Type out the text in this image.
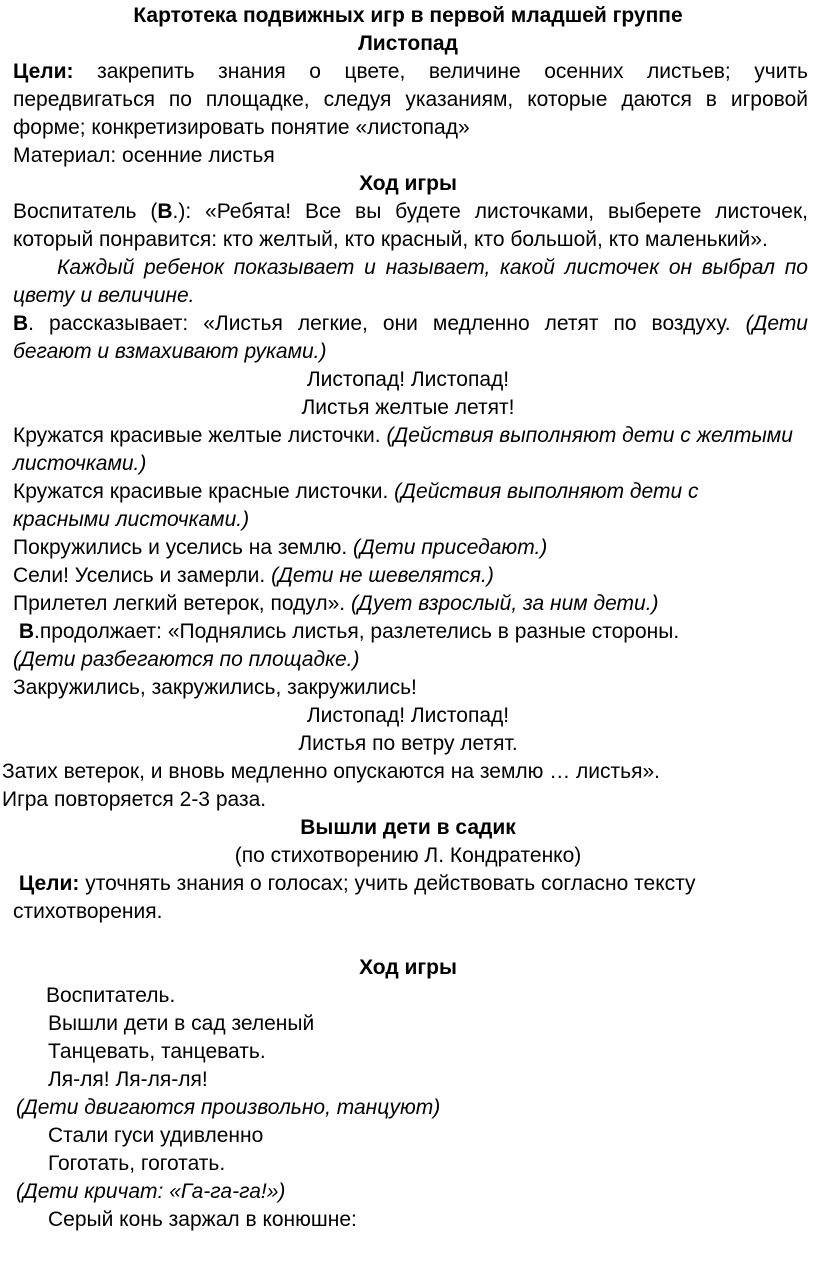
Картотека подвижных игр в первой младшей группе

Листопад

Цели: закрепить знания о цвете, величине осенних листьев; учить передвигаться по площадке, следуя указаниям, которые даются в игровой форме; конкретизировать понятие «листопад»

Материал: осенние листья

Ход игры

Воспитатель (В.): «Ребята! Все вы будете листочками, выберете листочек, который понравится: кто желтый, кто красный, кто большой, кто маленький».

Каждый ребенок показывает и называет, какой листочек он выбрал по цвету и величине.

В. рассказывает: «Листья легкие, они медленно летят по воздуху. (Дети бегают и взмахивают руками.)

Листопад! Листопад!

Листья желтые летят!

Кружатся красивые желтые листочки. (Действия выполняют дети с желтыми листочками.)

Кружатся красивые красные листочки. (Действия выполняют дети с красными листочками.)

Покружились и уселись на землю. (Дети приседают.)

Сели! Уселись и замерли. (Дети не шевелятся.)

Прилетел легкий ветерок, подул». (Дует взрослый, за ним дети.)

В.продолжает: «Поднялись листья, разлетелись в разные стороны. (Дети разбегаются по площадке.)

Закружились, закружились, закружились!

Листопад! Листопад!

Листья по ветру летят.

Затих ветерок, и вновь медленно опускаются на землю … листья».

Игра повторяется 2-3 раза.

Вышли дети в садик

(по стихотворению Л. Кондратенко)

Цели: уточнять знания о голосах; учить действовать согласно тексту стихотворения.

Ход игры

Воспитатель.

Вышли дети в сад зеленый

Танцевать, танцевать.

Ля-ля! Ля-ля-ля!

(Дети двигаются произвольно, танцуют)

Стали гуси удивленно

Гоготать, гоготать.

(Дети кричат: «Га-га-га!»)

Серый конь заржал в конюшне:
